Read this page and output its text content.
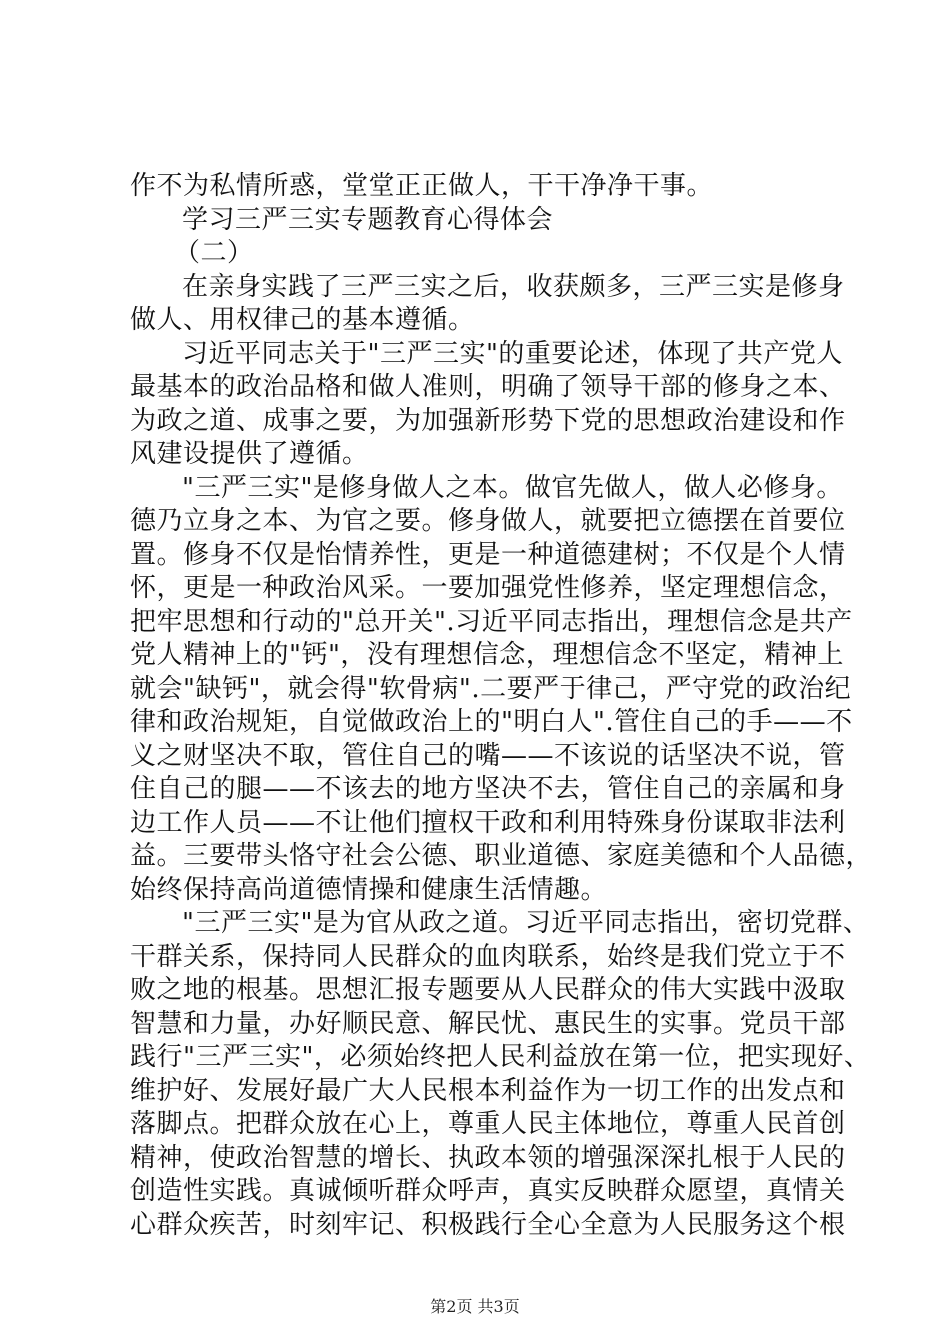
作不为私情所惑，堂堂正正做人，干干净净干事。
学习三严三实专题教育心得体会
（二）
在亲身实践了三严三实之后，收获颇多，三严三实是修身
做人、用权律己的基本遵循。
习近平同志关于"三严三实"的重要论述，体现了共产党人
最基本的政治品格和做人准则，明确了领导干部的修身之本、
为政之道、成事之要，为加强新形势下党的思想政治建设和作
风建设提供了遵循。
"三严三实"是修身做人之本。做官先做人，做人必修身。
德乃立身之本、为官之要。修身做人，就要把立德摆在首要位
置。修身不仅是怡情养性，更是一种道德建树；不仅是个人情
怀，更是一种政治风采。一要加强党性修养，坚定理想信念，
把牢思想和行动的"总开关".习近平同志指出，理想信念是共产
党人精神上的"钙"，没有理想信念，理想信念不坚定，精神上
就会"缺钙"，就会得"软骨病".二要严于律己，严守党的政治纪
律和政治规矩，自觉做政治上的"明白人".管住自己的手——不
义之财坚决不取，管住自己的嘴——不该说的话坚决不说，管
住自己的腿——不该去的地方坚决不去，管住自己的亲属和身
边工作人员——不让他们擅权干政和利用特殊身份谋取非法利
益。三要带头恪守社会公德、职业道德、家庭美德和个人品德，
始终保持高尚道德情操和健康生活情趣。
"三严三实"是为官从政之道。习近平同志指出，密切党群、
干群关系，保持同人民群众的血肉联系，始终是我们党立于不
败之地的根基。思想汇报专题要从人民群众的伟大实践中汲取
智慧和力量，办好顺民意、解民忧、惠民生的实事。党员干部
践行"三严三实"，必须始终把人民利益放在第一位，把实现好、
维护好、发展好最广大人民根本利益作为一切工作的出发点和
落脚点。把群众放在心上，尊重人民主体地位，尊重人民首创
精神，使政治智慧的增长、执政本领的增强深深扎根于人民的
创造性实践。真诚倾听群众呼声，真实反映群众愿望，真情关
心群众疾苦，时刻牢记、积极践行全心全意为人民服务这个根
第2页 共3页
